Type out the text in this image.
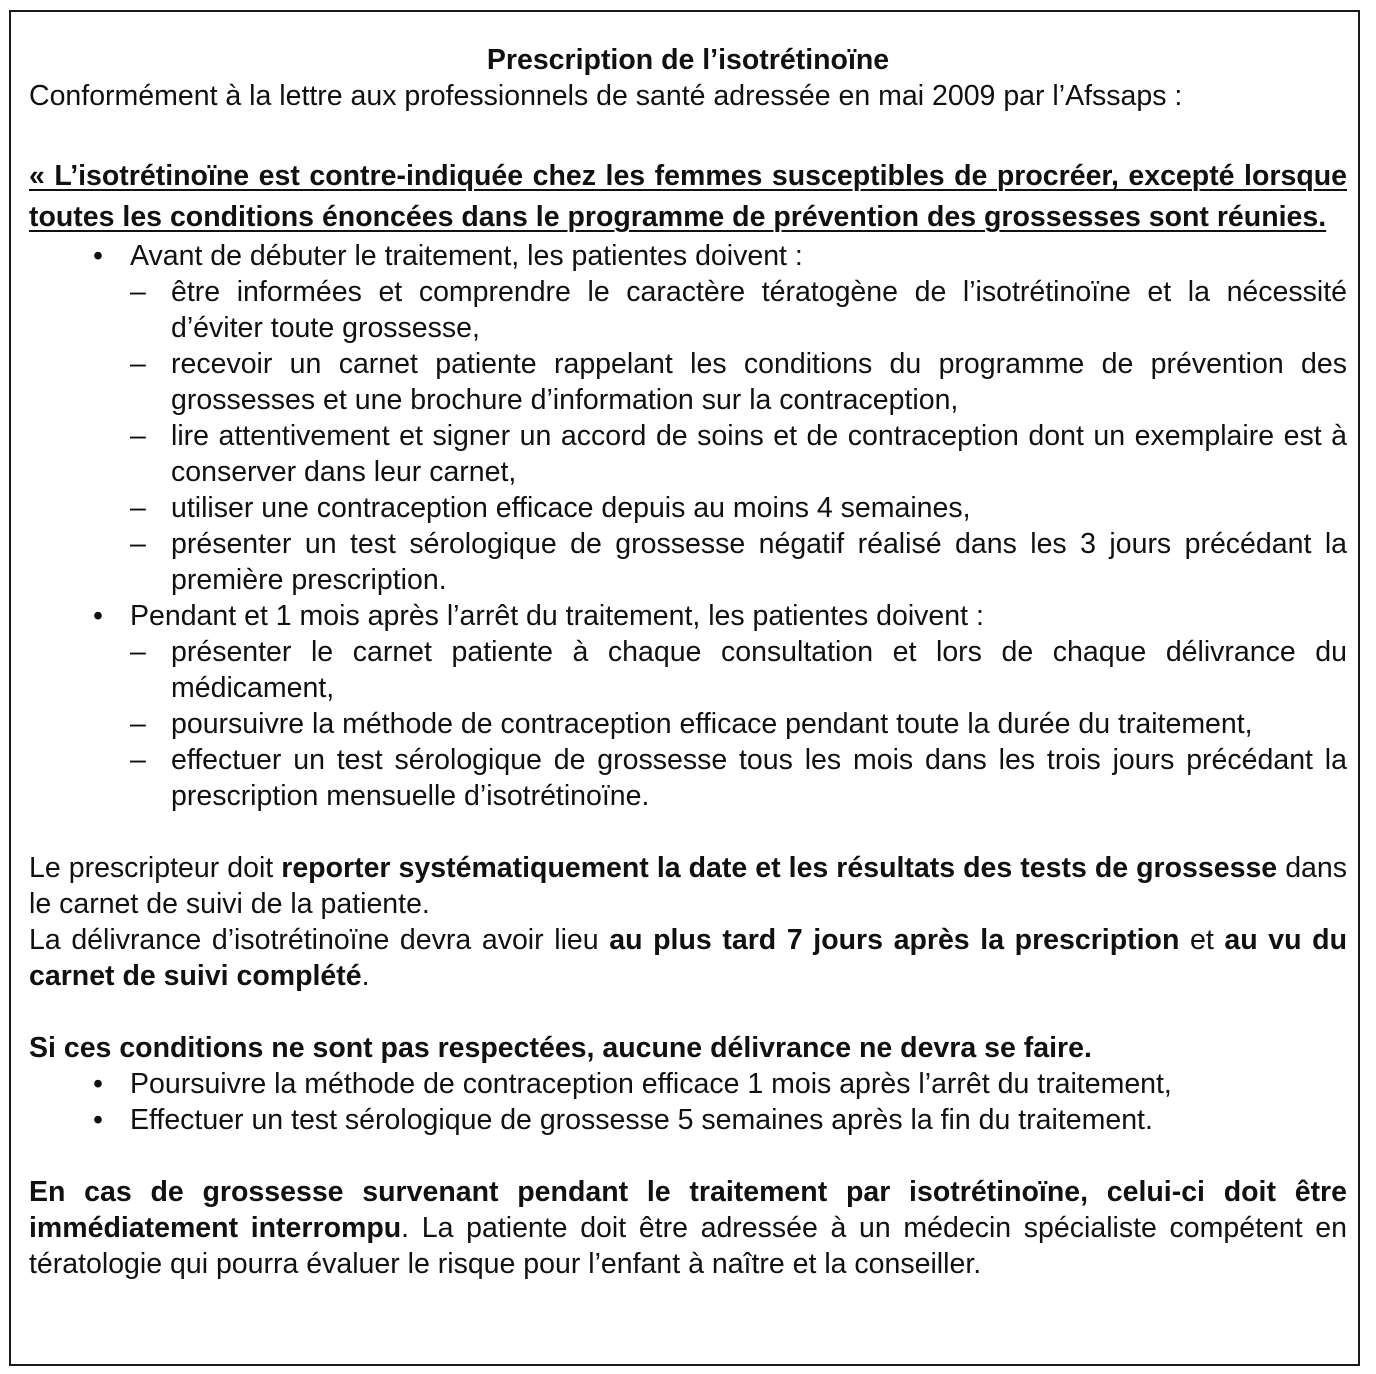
Prescription de l’isotrétinoïne

Conformément à la lettre aux professionnels de santé adressée en mai 2009 par l’Afssaps :

« L’isotrétinoïne est contre-indiquée chez les femmes susceptibles de procréer, excepté lorsque toutes les conditions énoncées dans le programme de prévention des grossesses sont réunies.

• Avant de débuter le traitement, les patientes doivent :
– être informées et comprendre le caractère tératogène de l’isotrétinoïne et la nécessité d’éviter toute grossesse,
– recevoir un carnet patiente rappelant les conditions du programme de prévention des grossesses et une brochure d’information sur la contraception,
– lire attentivement et signer un accord de soins et de contraception dont un exemplaire est à conserver dans leur carnet,
– utiliser une contraception efficace depuis au moins 4 semaines,
– présenter un test sérologique de grossesse négatif réalisé dans les 3 jours précédant la première prescription.
• Pendant et 1 mois après l’arrêt du traitement, les patientes doivent :
– présenter le carnet patiente à chaque consultation et lors de chaque délivrance du médicament,
– poursuivre la méthode de contraception efficace pendant toute la durée du traitement,
– effectuer un test sérologique de grossesse tous les mois dans les trois jours précédant la prescription mensuelle d’isotrétinoïne.

Le prescripteur doit reporter systématiquement la date et les résultats des tests de grossesse dans le carnet de suivi de la patiente.

La délivrance d’isotrétinoïne devra avoir lieu au plus tard 7 jours après la prescription et au vu du carnet de suivi complété.

Si ces conditions ne sont pas respectées, aucune délivrance ne devra se faire.

• Poursuivre la méthode de contraception efficace 1 mois après l’arrêt du traitement,
• Effectuer un test sérologique de grossesse 5 semaines après la fin du traitement.

En cas de grossesse survenant pendant le traitement par isotrétinoïne, celui-ci doit être immédiatement interrompu. La patiente doit être adressée à un médecin spécialiste compétent en tératologie qui pourra évaluer le risque pour l’enfant à naître et la conseiller.
